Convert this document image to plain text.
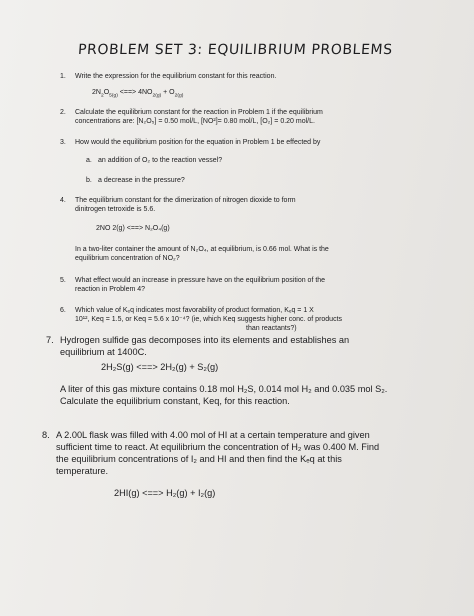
PROBLEM SET 3: EQUILIBRIUM PROBLEMS

1. Write the expression for the equilibrium constant for this reaction.

$2N_2O_{5(g)}$ <==> $4NO_{2(g)} + O_{2(g)}$

2. Calculate the equilibrium constant for the reaction in Problem 1 if the equilibrium

concentrations are: [N₂O₅] = 0.50 mol/L, [NO²]= 0.80 mol/L, [O₂] = 0.20 mol/L.

3. How would the equilibrium position for the equation in Problem 1 be effected by

a. an addition of O₂ to the reaction vessel?

b. a decrease in the pressure?

4. The equilibrium constant for the dimerization of nitrogen dioxide to form

dinitrogen tetroxide is 5.6.

2NO 2(g) <==> N₂O₄(g)

In a two-liter container the amount of N₂O₄, at equilibrium, is 0.66 mol. What is the

equilibrium concentration of NO₂?

5. What effect would an increase in pressure have on the equilibrium position of the

reaction in Problem 4?

6. Which value of Kₑq indicates most favorability of product formation, Kₑq = 1 X

10¹², Keq = 1.5, or Keq = 5.6 x 10⁻⁴? (ie, which Keq suggests higher conc. of products

than reactants?)

7. Hydrogen sulfide gas decomposes into its elements and establishes an

equilibrium at 1400C.

2H₂S(g) <==> 2H₂(g) + S₂(g)

A liter of this gas mixture contains 0.18 mol H₂S, 0.014 mol H₂ and 0.035 mol S₂.

Calculate the equilibrium constant, Keq, for this reaction.

8. A 2.00L flask was filled with 4.00 mol of HI at a certain temperature and given

sufficient time to react. At equilibrium the concentration of H₂ was 0.400 M. Find

the equilibrium concentrations of I₂ and HI and then find the Kₑq at this

temperature.

2HI(g) <==> H₂(g) + I₂(g)
